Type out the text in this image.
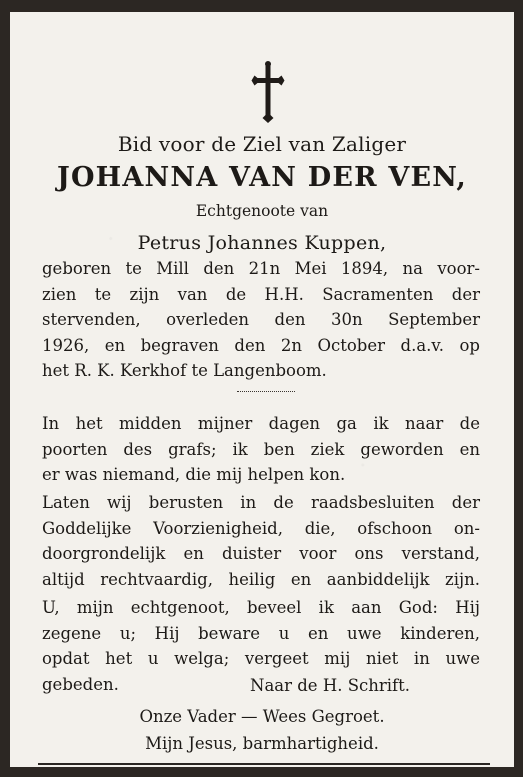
Bid voor de Ziel van Zaliger

JOHANNA VAN DER VEN,

Echtgenoote van

Petrus Johannes Kuppen,

geboren te Mill den 21n Mei 1894, na voor-
zien te zijn van de H.H. Sacramenten der
stervenden, overleden den 30n September
1926, en begraven den 2n October d.a.v. op
het R. K. Kerkhof te Langenboom.
In het midden mijner dagen ga ik naar de
poorten des grafs; ik ben ziek geworden en
er was niemand, die mij helpen kon.
Laten wij berusten in de raadsbesluiten der
Goddelijke Voorzienigheid, die, ofschoon on-
doorgrondelijk en duister voor ons verstand,
altijd rechtvaardig, heilig en aanbiddelijk zijn.
U, mijn echtgenoot, beveel ik aan God: Hij
zegene u; Hij beware u en uwe kinderen,
opdat het u welga; vergeet mij niet in uwe
gebeden.	Naar de H. Schrift.

Onze Vader — Wees Gegroet.

Mijn Jesus, barmhartigheid.
